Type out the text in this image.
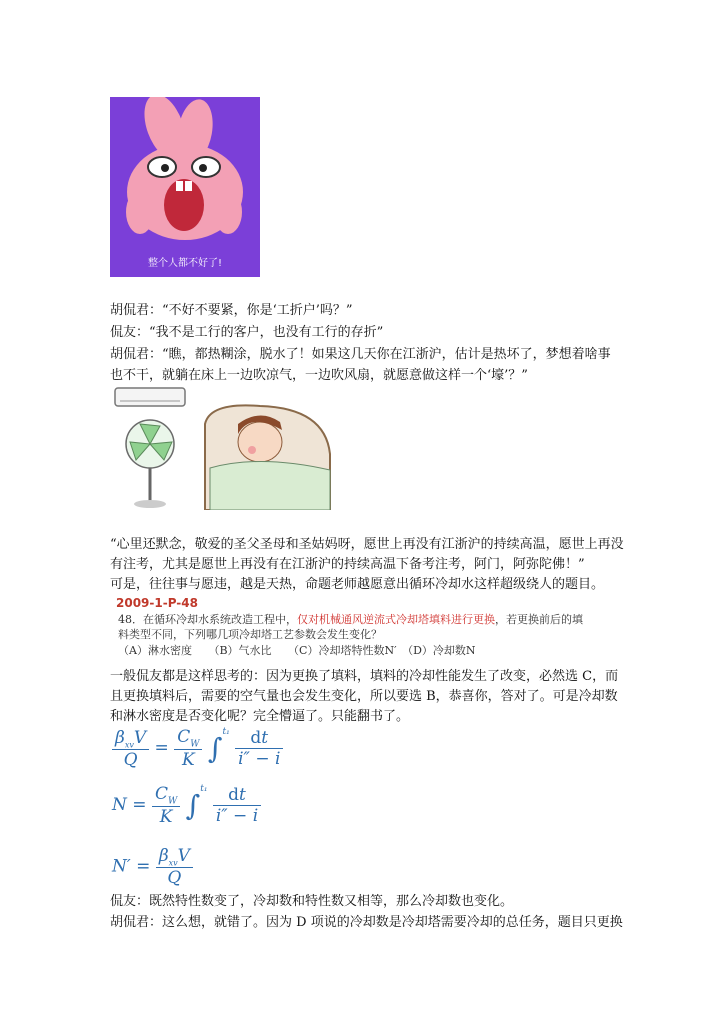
整个人都不好了!
胡侃君：“不好不要紧，你是‘工折户’吗？”
侃友：“我不是工行的客户，也没有工行的存折”
胡侃君：“瞧，都热糊涂，脱水了！如果这几天你在江浙沪，估计是热坏了，梦想着啥事
也不干，就躺在床上一边吹凉气，一边吹风扇，就愿意做这样一个‘壕’？”
“心里还默念，敬爱的圣父圣母和圣姑妈呀，愿世上再没有江浙沪的持续高温，愿世上再没
有注考，尤其是愿世上再没有在江浙沪的持续高温下备考注考，阿门，阿弥陀佛！”
可是，往往事与愿违，越是天热，命题老师越愿意出循环冷却水这样超级绕人的题目。
2009-1-P-48
48．在循环冷却水系统改造工程中，仅对机械通风逆流式冷却塔填料进行更换，若更换前后的填
料类型不同，下列哪几项冷却塔工艺参数会发生变化？
（A）淋水密度　　（B）气水比　　（C）冷却塔特性数N′　（D）冷却数N
一般侃友都是这样思考的：因为更换了填料，填料的冷却性能发生了改变，必然选 C，而
且更换填料后，需要的空气量也会发生变化，所以要选 B，恭喜你，答对了。可是冷却数
和淋水密度是否变化呢？完全懵逼了。只能翻书了。
$\frac{\beta_{xv}V}{Q} = \frac{C_W}{K} \int^{t_1} \frac{dt}{i'' - i}$
$N = \frac{C_W}{K} \int^{t_1} \frac{dt}{i'' - i}$
$N' = \frac{\beta_{xv}V}{Q}$
侃友：既然特性数变了，冷却数和特性数又相等，那么冷却数也变化。
胡侃君：这么想，就错了。因为 D 项说的冷却数是冷却塔需要冷却的总任务，题目只更换
